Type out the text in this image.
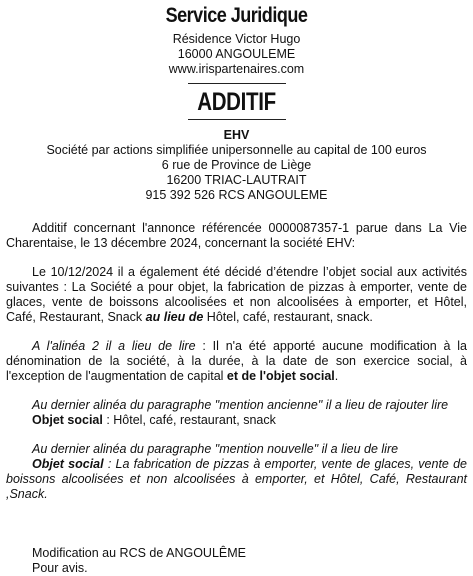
Service Juridique
Résidence Victor Hugo
16000 ANGOULEME
www.irispartenaires.com
ADDITIF
EHV
Société par actions simplifiée unipersonnelle au capital de 100 euros
6 rue de Province de Liège
16200 TRIAC-LAUTRAIT
915 392 526 RCS ANGOULEME
Additif concernant l'annonce référencée 0000087357-1 parue dans La Vie Charentaise, le 13 décembre 2024, concernant la société EHV:
Le 10/12/2024 il a également été décidé d’étendre l’objet social aux activités suivantes : La Société a pour objet, la fabrication de pizzas à emporter, vente de glaces, vente de boissons alcoolisées et non alcoolisées à emporter, et Hôtel, Café, Restaurant, Snack au lieu de Hôtel, café, restaurant, snack.
A l'alinéa 2 il a lieu de lire : Il n'a été apporté aucune modification à la dénomination de la société, à la durée, à la date de son exercice social, à l'exception de l'augmentation de capital et de l'objet social.
Au dernier alinéa du paragraphe "mention ancienne" il a lieu de rajouter lire
Objet social : Hôtel, café, restaurant, snack
Au dernier alinéa du paragraphe "mention nouvelle" il a lieu de lire
Objet social : La fabrication de pizzas à emporter, vente de glaces, vente de boissons alcoolisées et non alcoolisées à emporter, et Hôtel, Café, Restaurant ,Snack.
Modification au RCS de ANGOULÊME
Pour avis.
